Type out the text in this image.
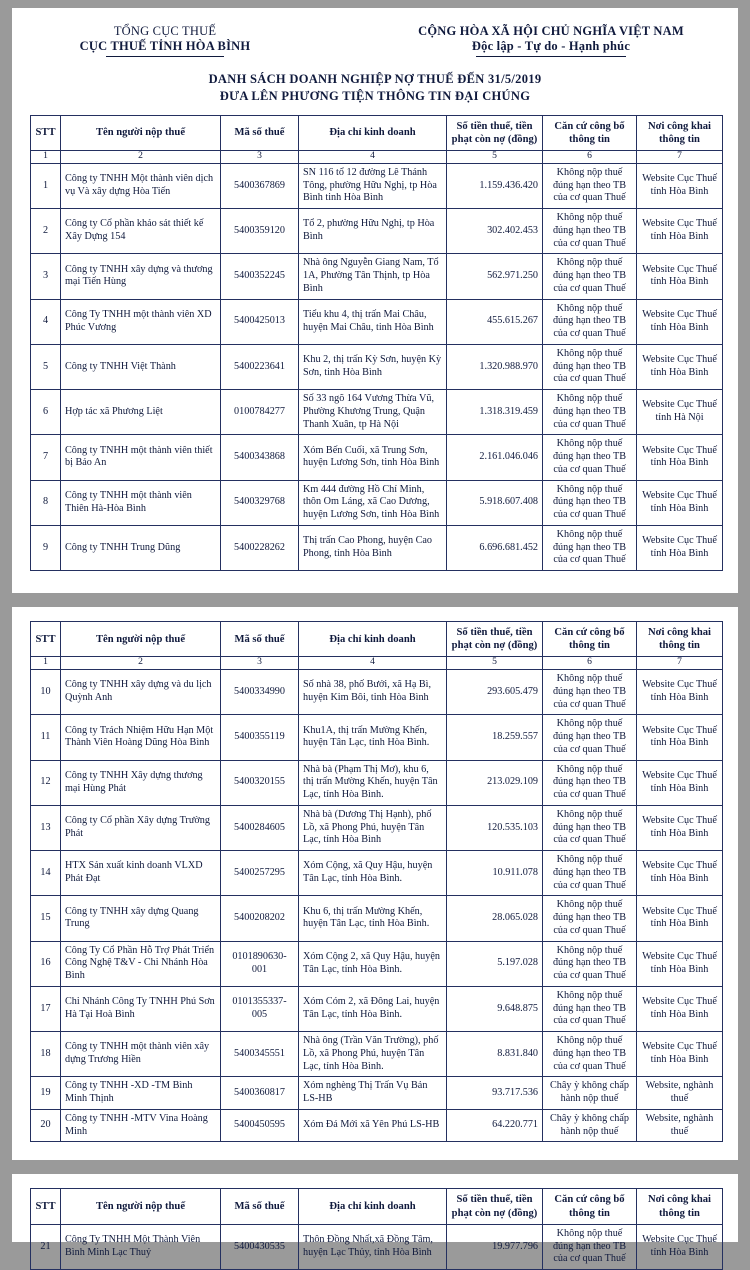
TỔNG CỤC THUẾ
CỤC THUẾ TỈNH HÒA BÌNH
CỘNG HÒA XÃ HỘI CHỦ NGHĨA VIỆT NAM
Độc lập - Tự do - Hạnh phúc
DANH SÁCH DOANH NGHIỆP NỢ THUẾ ĐẾN 31/5/2019
ĐƯA LÊN PHƯƠNG TIỆN THÔNG TIN ĐẠI CHÚNG
STT	Tên người nộp thuế	Mã số thuế	Địa chỉ kinh doanh	Số tiền thuế, tiền phạt còn nợ (đồng)	Căn cứ công bố thông tin	Nơi công khai thông tin
1	2	3	4	5	6	7
1	Công ty TNHH Một thành viên dịch vụ Và xây dựng Hòa Tiến	5400367869	SN 116 tổ 12 đường Lê Thánh Tông, phường Hữu Nghị, tp Hòa Bình tinh Hòa Bình	1.159.436.420	Không nộp thuế đúng hạn theo TB của cơ quan Thuế	Website Cục Thuế tỉnh Hòa Bình
2	Công ty Cổ phần khảo sát thiết kế Xây Dựng 154	5400359120	Tổ 2, phường Hữu Nghị, tp Hòa Bình	302.402.453	Không nộp thuế đúng hạn theo TB của cơ quan Thuế	Website Cục Thuế tỉnh Hòa Bình
3	Công ty TNHH xây dựng và thương mại Tiến Hùng	5400352245	Nhà ông Nguyễn Giang Nam, Tổ 1A, Phường Tân Thịnh, tp Hòa Bình	562.971.250	Không nộp thuế đúng hạn theo TB của cơ quan Thuế	Website Cục Thuế tỉnh Hòa Bình
4	Công Ty TNHH một thành viên XD Phúc Vương	5400425013	Tiểu khu 4, thị trấn Mai Châu, huyện Mai Châu, tinh Hòa Bình	455.615.267	Không nộp thuế đúng hạn theo TB của cơ quan Thuế	Website Cục Thuế tỉnh Hòa Bình
5	Công ty TNHH Việt Thành	5400223641	Khu 2, thị trấn Kỳ Sơn, huyện Kỳ Sơn, tinh Hòa Bình	1.320.988.970	Không nộp thuế đúng hạn theo TB của cơ quan Thuế	Website Cục Thuế tỉnh Hòa Bình
6	Hợp tác xã Phương Liệt	0100784277	Số 33 ngõ 164 Vương Thừa Vũ, Phường Khương Trung, Quận Thanh Xuân, tp Hà Nội	1.318.319.459	Không nộp thuế đúng hạn theo TB của cơ quan Thuế	Website Cục Thuế tỉnh Hà Nội
7	Công ty TNHH một thành viên thiết bị Bảo An	5400343868	Xóm Bến Cuối, xã Trung Sơn, huyện Lương Sơn, tinh Hòa Bình	2.161.046.046	Không nộp thuế đúng hạn theo TB của cơ quan Thuế	Website Cục Thuế tỉnh Hòa Bình
8	Công ty TNHH một thành viên Thiên Hà-Hòa Bình	5400329768	Km 444 đường Hồ Chí Minh, thôn Om Láng, xã Cao Dương, huyện Lương Sơn, tinh Hòa Bình	5.918.607.408	Không nộp thuế đúng hạn theo TB của cơ quan Thuế	Website Cục Thuế tỉnh Hòa Bình
9	Công ty TNHH Trung Dũng	5400228262	Thị trấn Cao Phong, huyện Cao Phong, tỉnh Hòa Bình	6.696.681.452	Không nộp thuế đúng hạn theo TB của cơ quan Thuế	Website Cục Thuế tỉnh Hòa Bình
STT	Tên người nộp thuế	Mã số thuế	Địa chỉ kinh doanh	Số tiền thuế, tiền phạt còn nợ (đồng)	Căn cứ công bố thông tin	Nơi công khai thông tin
1	2	3	4	5	6	7
10	Công ty TNHH xây dựng và du lịch Quỳnh Anh	5400334990	Số nhà 38, phố Bưởi, xã Hạ Bì, huyện Kim Bôi, tinh Hòa Bình	293.605.479	Không nộp thuế đúng hạn theo TB của cơ quan Thuế	Website Cục Thuế tỉnh Hòa Bình
11	Công ty Trách Nhiệm Hữu Hạn Một Thành Viên Hoàng Dũng Hòa Bình	5400355119	Khu1A, thị trấn Mường Khến, huyện Tân Lạc, tỉnh Hòa Bình.	18.259.557	Không nộp thuế đúng hạn theo TB của cơ quan Thuế	Website Cục Thuế tỉnh Hòa Bình
12	Công ty TNHH Xây dựng thương mại Hùng Phát	5400320155	Nhà bà (Phạm Thị Mơ), khu 6, thị trấn Mường Khến, huyện Tân Lạc, tỉnh Hòa Bình.	213.029.109	Không nộp thuế đúng hạn theo TB của cơ quan Thuế	Website Cục Thuế tỉnh Hòa Bình
13	Công ty Cổ phần Xây dựng Trường Phát	5400284605	Nhà bà (Dương Thị Hạnh), phố Lồ, xã Phong Phú, huyện Tân Lạc, tỉnh Hòa Bình	120.535.103	Không nộp thuế đúng hạn theo TB của cơ quan Thuế	Website Cục Thuế tỉnh Hòa Bình
14	HTX Sản xuất kinh doanh VLXD Phát Đạt	5400257295	Xóm Cộng, xã Quy Hậu, huyện Tân Lạc, tỉnh Hòa Bình.	10.911.078	Không nộp thuế đúng hạn theo TB của cơ quan Thuế	Website Cục Thuế tỉnh Hòa Bình
15	Công ty TNHH xây dựng Quang Trung	5400208202	Khu 6, thị trấn Mường Khến, huyện Tân Lạc, tỉnh Hòa Bình.	28.065.028	Không nộp thuế đúng hạn theo TB của cơ quan Thuế	Website Cục Thuế tỉnh Hòa Bình
16	Công Ty Cổ Phần Hỗ Trợ Phát Triển Công Nghệ T&V - Chi Nhánh Hòa Bình	0101890630-001	Xóm Cộng 2, xã Quy Hậu, huyện Tân Lạc, tỉnh Hòa Bình.	5.197.028	Không nộp thuế đúng hạn theo TB của cơ quan Thuế	Website Cục Thuế tỉnh Hòa Bình
17	Chi Nhánh Công Ty TNHH Phú Sơn Hà Tại Hoà Bình	0101355337-005	Xóm Cóm 2, xã Đông Lai, huyện Tân Lạc, tỉnh Hòa Bình.	9.648.875	Không nộp thuế đúng hạn theo TB của cơ quan Thuế	Website Cục Thuế tỉnh Hòa Bình
18	Công ty TNHH một thành viên xây dựng Trương Hiền	5400345551	Nhà ông (Trần Văn Trường), phố Lồ, xã Phong Phú, huyện Tân Lạc, tỉnh Hòa Bình.	8.831.840	Không nộp thuế đúng hạn theo TB của cơ quan Thuế	Website Cục Thuế tỉnh Hòa Bình
19	Công ty TNHH -XD -TM Bình Minh Thịnh	5400360817	Xóm nghèng Thị Trấn Vụ Bản LS-HB	93.717.536	Chây ỳ không chấp hành nộp thuế	Website, nghành thuế
20	Công ty TNHH -MTV Vina Hoàng Minh	5400450595	Xóm Đá Mới xã Yên Phú LS-HB	64.220.771	Chây ỳ không chấp hành nộp thuế	Website, nghành thuế
STT	Tên người nộp thuế	Mã số thuế	Địa chỉ kinh doanh	Số tiền thuế, tiền phạt còn nợ (đồng)	Căn cứ công bố thông tin	Nơi công khai thông tin
21	Công Ty TNHH Một Thành Viên Bình Minh Lạc Thuỷ	5400430535	Thôn Đồng Nhất,xã Đồng Tâm, huyện Lạc Thủy, tỉnh Hòa Bình	19.977.796	Không nộp thuế đúng hạn theo TB của cơ quan Thuế	Website Cục Thuế tỉnh Hòa Bình
